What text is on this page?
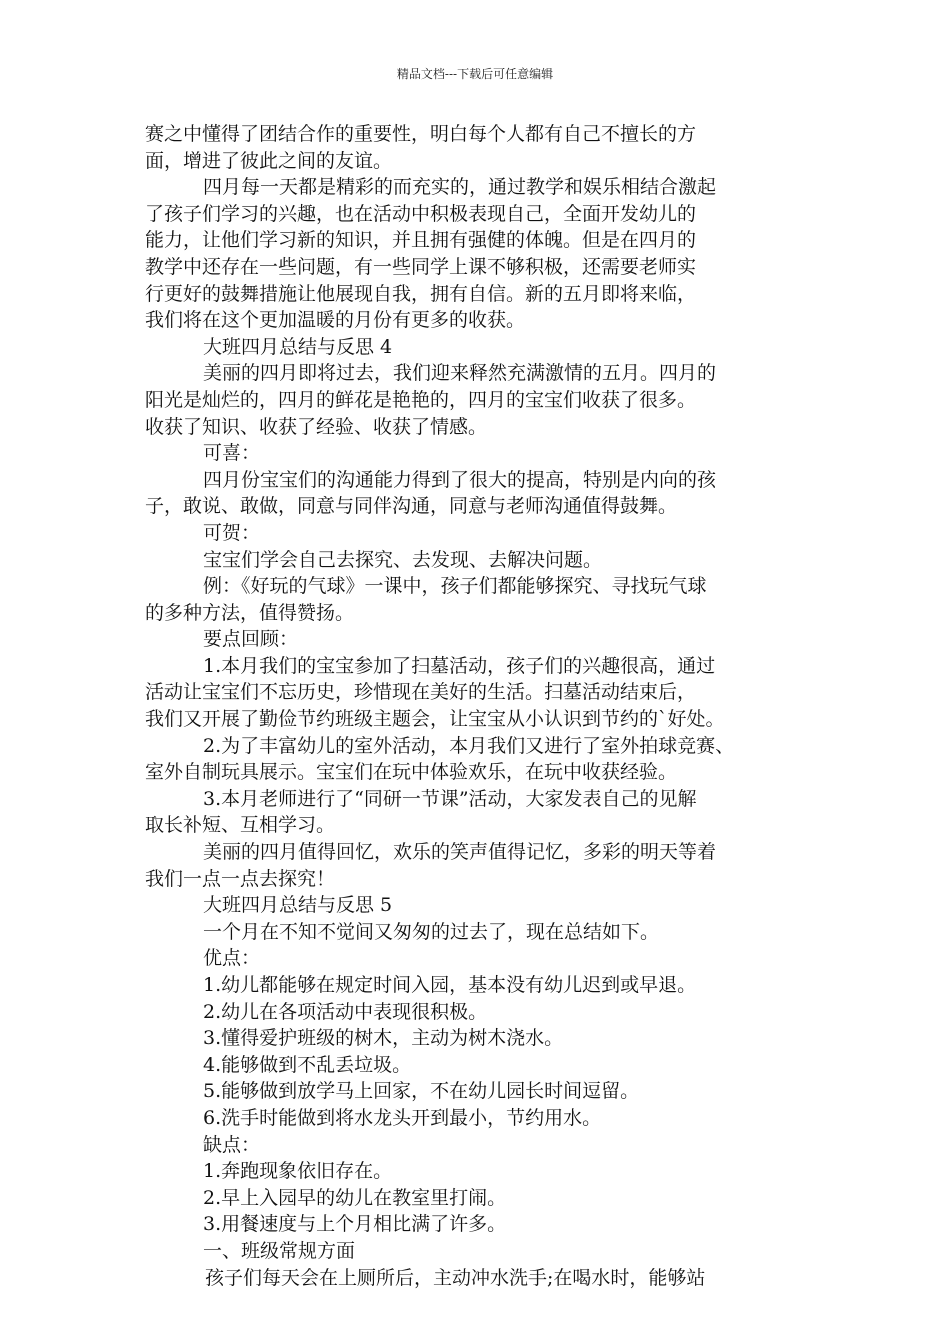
精品文档---下载后可任意编辑
赛之中懂得了团结合作的重要性，明白每个人都有自己不擅长的方
面，增进了彼此之间的友谊。
四月每一天都是精彩的而充实的，通过教学和娱乐相结合激起
了孩子们学习的兴趣，也在活动中积极表现自己，全面开发幼儿的
能力，让他们学习新的知识，并且拥有强健的体魄。但是在四月的
教学中还存在一些问题，有一些同学上课不够积极，还需要老师实
行更好的鼓舞措施让他展现自我，拥有自信。新的五月即将来临，
我们将在这个更加温暖的月份有更多的收获。
大班四月总结与反思 4
美丽的四月即将过去，我们迎来释然充满激情的五月。四月的
阳光是灿烂的，四月的鲜花是艳艳的，四月的宝宝们收获了很多。
收获了知识、收获了经验、收获了情感。
可喜：
四月份宝宝们的沟通能力得到了很大的提高，特别是内向的孩
子，敢说、敢做，同意与同伴沟通，同意与老师沟通值得鼓舞。
可贺：
宝宝们学会自己去探究、去发现、去解决问题。
例：《好玩的气球》一课中，孩子们都能够探究、寻找玩气球
的多种方法，值得赞扬。
要点回顾：
1.本月我们的宝宝参加了扫墓活动，孩子们的兴趣很高，通过
活动让宝宝们不忘历史，珍惜现在美好的生活。扫墓活动结束后，
我们又开展了勤俭节约班级主题会，让宝宝从小认识到节约的`好处。
2.为了丰富幼儿的室外活动，本月我们又进行了室外拍球竞赛、
室外自制玩具展示。宝宝们在玩中体验欢乐，在玩中收获经验。
3.本月老师进行了“同研一节课”活动，大家发表自己的见解
取长补短、互相学习。
美丽的四月值得回忆，欢乐的笑声值得记忆，多彩的明天等着
我们一点一点去探究！
大班四月总结与反思 5
一个月在不知不觉间又匆匆的过去了，现在总结如下。
优点：
1.幼儿都能够在规定时间入园，基本没有幼儿迟到或早退。
2.幼儿在各项活动中表现很积极。
3.懂得爱护班级的树木，主动为树木浇水。
4.能够做到不乱丢垃圾。
5.能够做到放学马上回家，不在幼儿园长时间逗留。
6.洗手时能做到将水龙头开到最小，节约用水。
缺点：
1.奔跑现象依旧存在。
2.早上入园早的幼儿在教室里打闹。
3.用餐速度与上个月相比满了许多。
一、班级常规方面
孩子们每天会在上厕所后，主动冲水洗手;在喝水时，能够站
